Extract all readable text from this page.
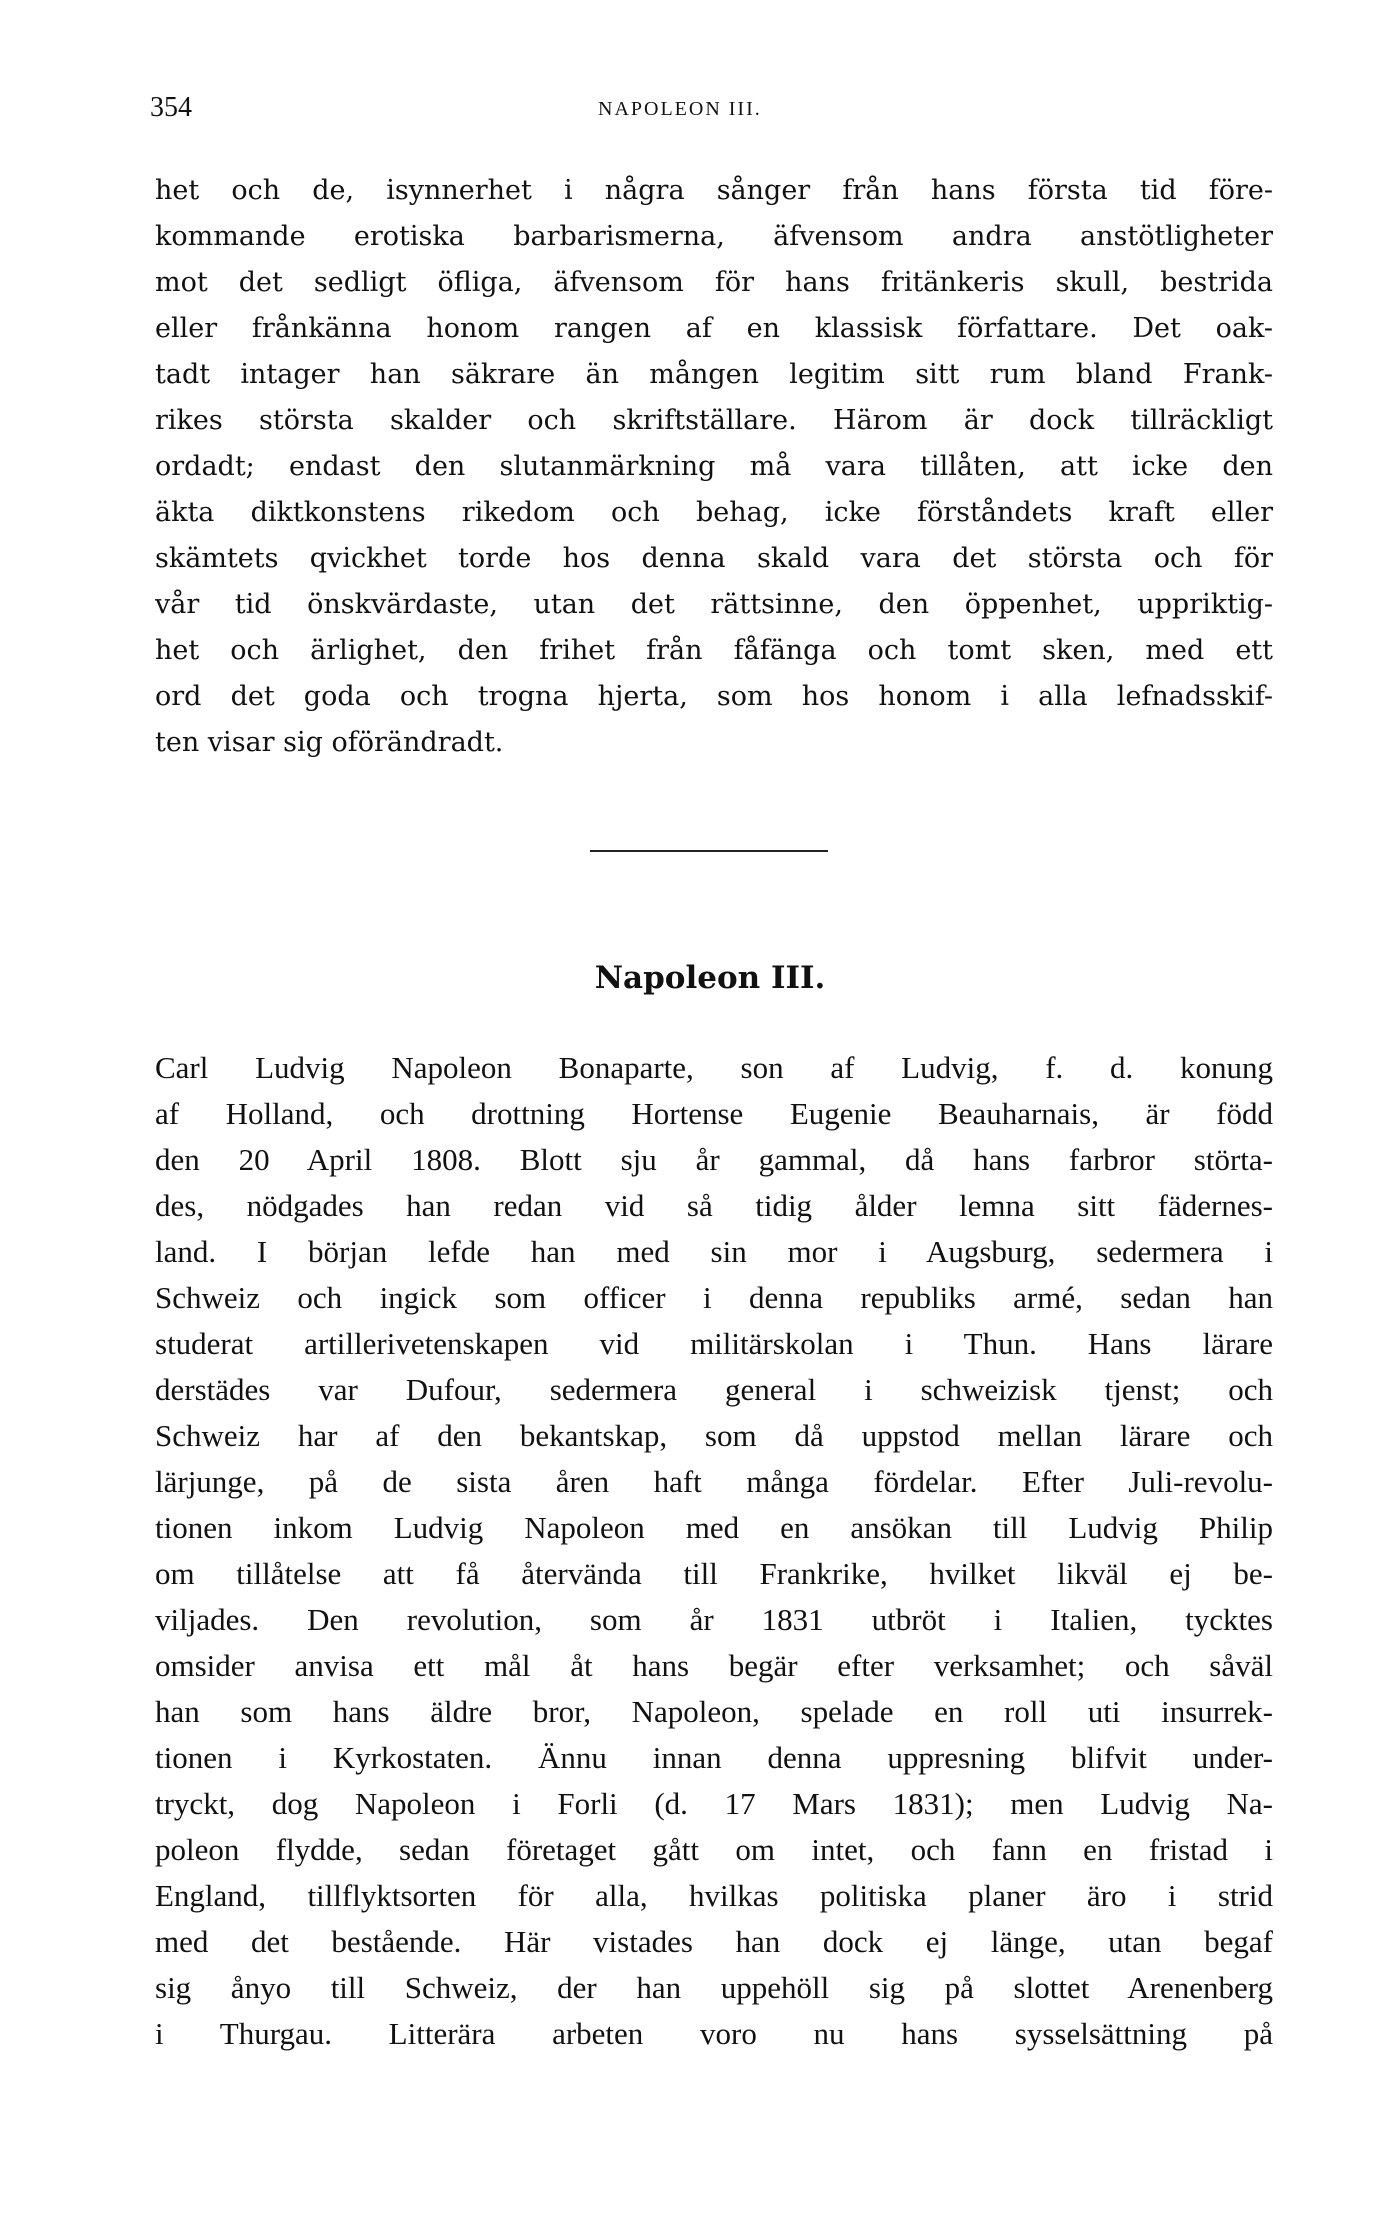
354	NAPOLEON III.
het och de, isynnerhet i några sånger från hans första tid före-
kommande erotiska barbarismerna, äfvensom andra anstötligheter
mot det sedligt öfliga, äfvensom för hans fritänkeris skull, bestrida
eller frånkänna honom rangen af en klassisk författare. Det oak-
tadt intager han säkrare än mången legitim sitt rum bland Frank-
rikes största skalder och skriftställare. Härom är dock tillräckligt
ordadt; endast den slutanmärkning må vara tillåten, att icke den
äkta diktkonstens rikedom och behag, icke förståndets kraft eller
skämtets qvickhet torde hos denna skald vara det största och för
vår tid önskvärdaste, utan det rättsinne, den öppenhet, uppriktig-
het och ärlighet, den frihet från fåfänga och tomt sken, med ett
ord det goda och trogna hjerta, som hos honom i alla lefnadsskif-
ten visar sig oförändradt.
Napoleon III.
Carl Ludvig Napoleon Bonaparte, son af Ludvig, f. d. konung
af Holland, och drottning Hortense Eugenie Beauharnais, är född
den 20 April 1808. Blott sju år gammal, då hans farbror störta-
des, nödgades han redan vid så tidig ålder lemna sitt fädernes-
land. I början lefde han med sin mor i Augsburg, sedermera i
Schweiz och ingick som officer i denna republiks armé, sedan han
studerat artillerivetenskapen vid militärskolan i Thun. Hans lärare
derstädes var Dufour, sedermera general i schweizisk tjenst; och
Schweiz har af den bekantskap, som då uppstod mellan lärare och
lärjunge, på de sista åren haft många fördelar. Efter Juli-revolu-
tionen inkom Ludvig Napoleon med en ansökan till Ludvig Philip
om tillåtelse att få återvända till Frankrike, hvilket likväl ej be-
viljades. Den revolution, som år 1831 utbröt i Italien, tycktes
omsider anvisa ett mål åt hans begär efter verksamhet; och såväl
han som hans äldre bror, Napoleon, spelade en roll uti insurrek-
tionen i Kyrkostaten. Ännu innan denna uppresning blifvit under-
tryckt, dog Napoleon i Forli (d. 17 Mars 1831); men Ludvig Na-
poleon flydde, sedan företaget gått om intet, och fann en fristad i
England, tillflyktsorten för alla, hvilkas politiska planer äro i strid
med det bestående. Här vistades han dock ej länge, utan begaf
sig ånyo till Schweiz, der han uppehöll sig på slottet Arenenberg
i Thurgau. Litterära arbeten voro nu hans sysselsättning på
